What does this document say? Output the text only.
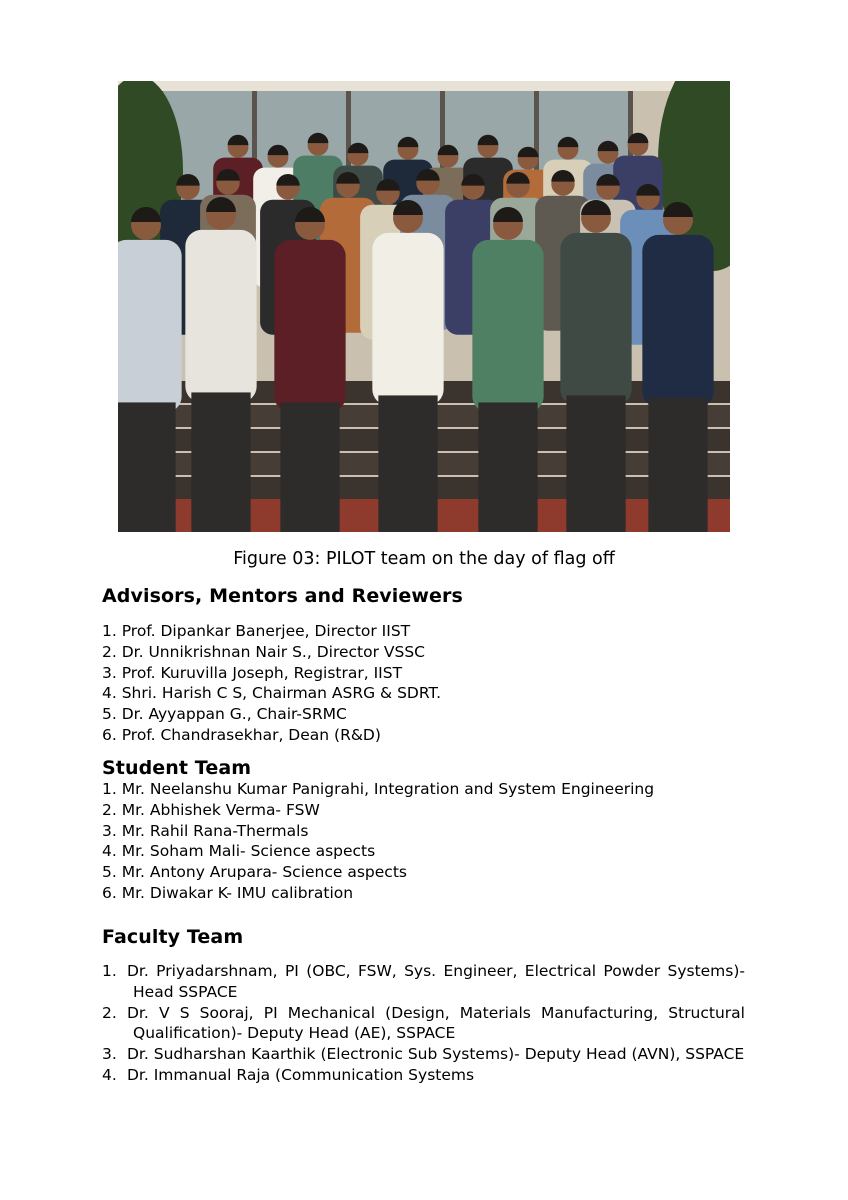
Figure 03: PILOT team on the day of flag off
Advisors, Mentors and Reviewers
1. Prof. Dipankar Banerjee, Director IIST
2. Dr. Unnikrishnan Nair S., Director VSSC
3. Prof. Kuruvilla Joseph, Registrar, IIST
4. Shri. Harish C S, Chairman ASRG & SDRT.
5. Dr. Ayyappan G., Chair-SRMC
6. Prof. Chandrasekhar, Dean (R&D)
Student Team
1. Mr. Neelanshu Kumar Panigrahi, Integration and System Engineering
2. Mr. Abhishek Verma- FSW
3. Mr. Rahil Rana-Thermals
4. Mr. Soham Mali- Science aspects
5. Mr. Antony Arupara- Science aspects
6. Mr. Diwakar K- IMU calibration
Faculty Team
1. Dr. Priyadarshnam, PI (OBC, FSW, Sys. Engineer, Electrical Powder Systems)-
Head SSPACE
2. Dr. V S Sooraj, PI Mechanical (Design, Materials Manufacturing, Structural
Qualification)- Deputy Head (AE), SSPACE
3. Dr. Sudharshan Kaarthik (Electronic Sub Systems)- Deputy Head (AVN), SSPACE
4. Dr. Immanual Raja (Communication Systems
